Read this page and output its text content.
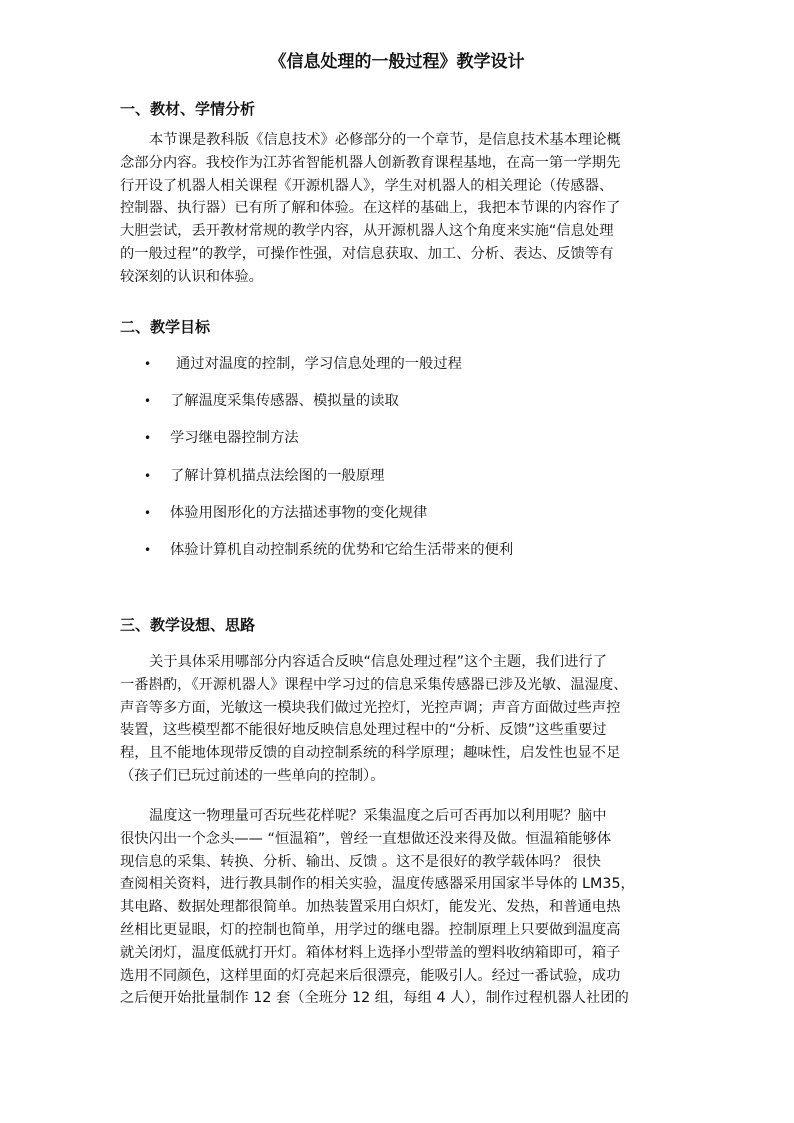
《信息处理的一般过程》教学设计
一、教材、学情分析
本节课是教科版《信息技术》必修部分的一个章节，是信息技术基本理论概
念部分内容。我校作为江苏省智能机器人创新教育课程基地，在高一第一学期先
行开设了机器人相关课程《开源机器人》，学生对机器人的相关理论（传感器、
控制器、执行器）已有所了解和体验。在这样的基础上，我把本节课的内容作了
大胆尝试，丢开教材常规的教学内容，从开源机器人这个角度来实施“信息处理
的一般过程”的教学，可操作性强，对信息获取、加工、分析、表达、反馈等有
较深刻的认识和体验。
二、教学目标
• 通过对温度的控制，学习信息处理的一般过程
• 了解温度采集传感器、模拟量的读取
• 学习继电器控制方法
• 了解计算机描点法绘图的一般原理
• 体验用图形化的方法描述事物的变化规律
• 体验计算机自动控制系统的优势和它给生活带来的便利
三、教学设想、思路
关于具体采用哪部分内容适合反映“信息处理过程”这个主题，我们进行了
一番斟酌，《开源机器人》课程中学习过的信息采集传感器已涉及光敏、温湿度、
声音等多方面，光敏这一模块我们做过光控灯，光控声调；声音方面做过些声控
装置，这些模型都不能很好地反映信息处理过程中的“分析、反馈”这些重要过
程，且不能地体现带反馈的自动控制系统的科学原理；趣味性，启发性也显不足
（孩子们已玩过前述的一些单向的控制）。
温度这一物理量可否玩些花样呢？采集温度之后可否再加以利用呢？脑中
很快闪出一个念头—— “恒温箱”，曾经一直想做还没来得及做。恒温箱能够体
现信息的采集、转换、分析、输出、反馈 。这不是很好的教学载体吗？ 很快
查阅相关资料，进行教具制作的相关实验，温度传感器采用国家半导体的 LM35，
其电路、数据处理都很简单。加热装置采用白炽灯，能发光、发热，和普通电热
丝相比更显眼，灯的控制也简单，用学过的继电器。控制原理上只要做到温度高
就关闭灯，温度低就打开灯。箱体材料上选择小型带盖的塑料收纳箱即可，箱子
选用不同颜色，这样里面的灯亮起来后很漂亮，能吸引人。经过一番试验，成功
之后便开始批量制作 12 套（全班分 12 组，每组 4 人），制作过程机器人社团的
